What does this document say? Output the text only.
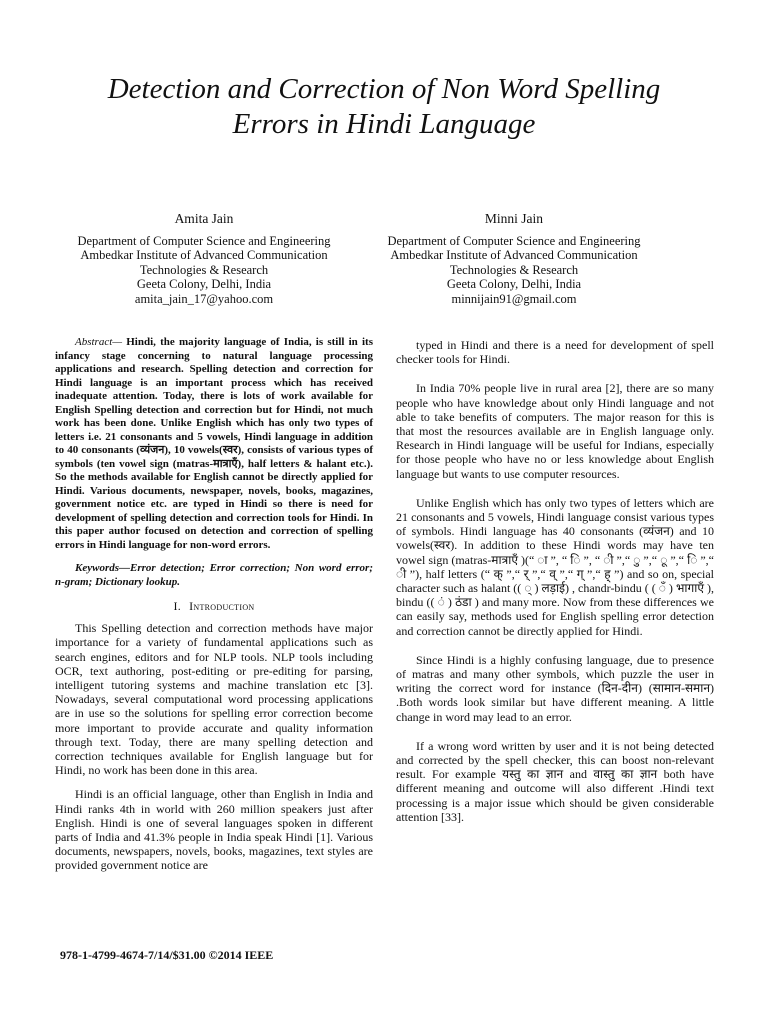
Detection and Correction of Non Word Spelling
Errors in Hindi Language
Amita Jain
Department of Computer Science and Engineering
Ambedkar Institute of Advanced Communication
Technologies & Research
Geeta Colony, Delhi, India
amita_jain_17@yahoo.com
Minni Jain
Department of Computer Science and Engineering
Ambedkar Institute of Advanced Communication
Technologies & Research
Geeta Colony, Delhi, India
minnijain91@gmail.com

Abstract— Hindi, the majority language of India, is still in its infancy stage concerning to natural language processing applications and research. Spelling detection and correction for Hindi language is an important process which has received inadequate attention. Today, there is lots of work available for English Spelling detection and correction but for Hindi, not much work has been done. Unlike English which has only two types of letters i.e. 21 consonants and 5 vowels, Hindi language in addition to 40 consonants (व्यंजन), 10 vowels(स्वर), consists of various types of symbols (ten vowel sign (matras-मात्राएँ), half letters & halant etc.). So the methods available for English cannot be directly applied for Hindi. Various documents, newspaper, novels, books, magazines, government notice etc. are typed in Hindi so there is need for development of spelling detection and correction tools for Hindi. In this paper author focused on detection and correction of spelling errors in Hindi language for non-word errors.

Keywords—Error detection; Error correction; Non word error; n-gram; Dictionary lookup.

I. Introduction

This Spelling detection and correction methods have major importance for a variety of fundamental applications such as search engines, editors and for NLP tools. NLP tools including OCR, text authoring, post-editing or pre-editing for parsing, intelligent tutoring systems and machine translation etc [3]. Nowadays, several computational word processing applications are in use so the solutions for spelling error correction become more important to provide accurate and quality information through text. Today, there are many spelling detection and correction techniques available for English language but for Hindi, no work has been done in this area.

Hindi is an official language, other than English in India and Hindi ranks 4th in world with 260 million speakers just after English. Hindi is one of several languages spoken in different parts of India and 41.3% people in India speak Hindi [1]. Various documents, newspapers, novels, books, magazines, text styles are provided government notice are

typed in Hindi and there is a need for development of spell checker tools for Hindi.

In India 70% people live in rural area [2], there are so many people who have knowledge about only Hindi language and not able to take benefits of computers. The major reason for this is that most the resources available are in English language only. Research in Hindi language will be useful for Indians, especially for those people who have no or less knowledge about English language but wants to use computer resources.

Unlike English which has only two types of letters which are 21 consonants and 5 vowels, Hindi language consist various types of symbols. Hindi language has 40 consonants (व्यंजन) and 10 vowels(स्वर). In addition to these Hindi words may have ten vowel sign (matras-मात्राएँ )(“ ा ”, “ ि ”, “ ी ”,“ ु ”,“ ू ”,“ ि ”,“ ी ”), half letters (“ क् ”,“ र् ”,“ व् ”,“ ग् ”,“ ह् ”) and so on, special character such as halant (( ् ) लड़ाई) , chandr-bindu ( ( ँ ) भागाएँ ), bindu (( ं ) ठंडा ) and many more. Now from these differences we can easily say, methods used for English spelling error detection and correction cannot be directly applied for Hindi.

Since Hindi is a highly confusing language, due to presence of matras and many other symbols, which puzzle the user in writing the correct word for instance (दिन-दीन) (सामान-समान) .Both words look similar but have different meaning. A little change in word may lead to an error.

If a wrong word written by user and it is not being detected and corrected by the spell checker, this can boost non-relevant result. For example यस्तु का ज्ञान and वास्तु का ज्ञान both have different meaning and outcome will also different .Hindi text processing is a major issue which should be given considerable attention [33].

978-1-4799-4674-7/14/$31.00 ©2014 IEEE
